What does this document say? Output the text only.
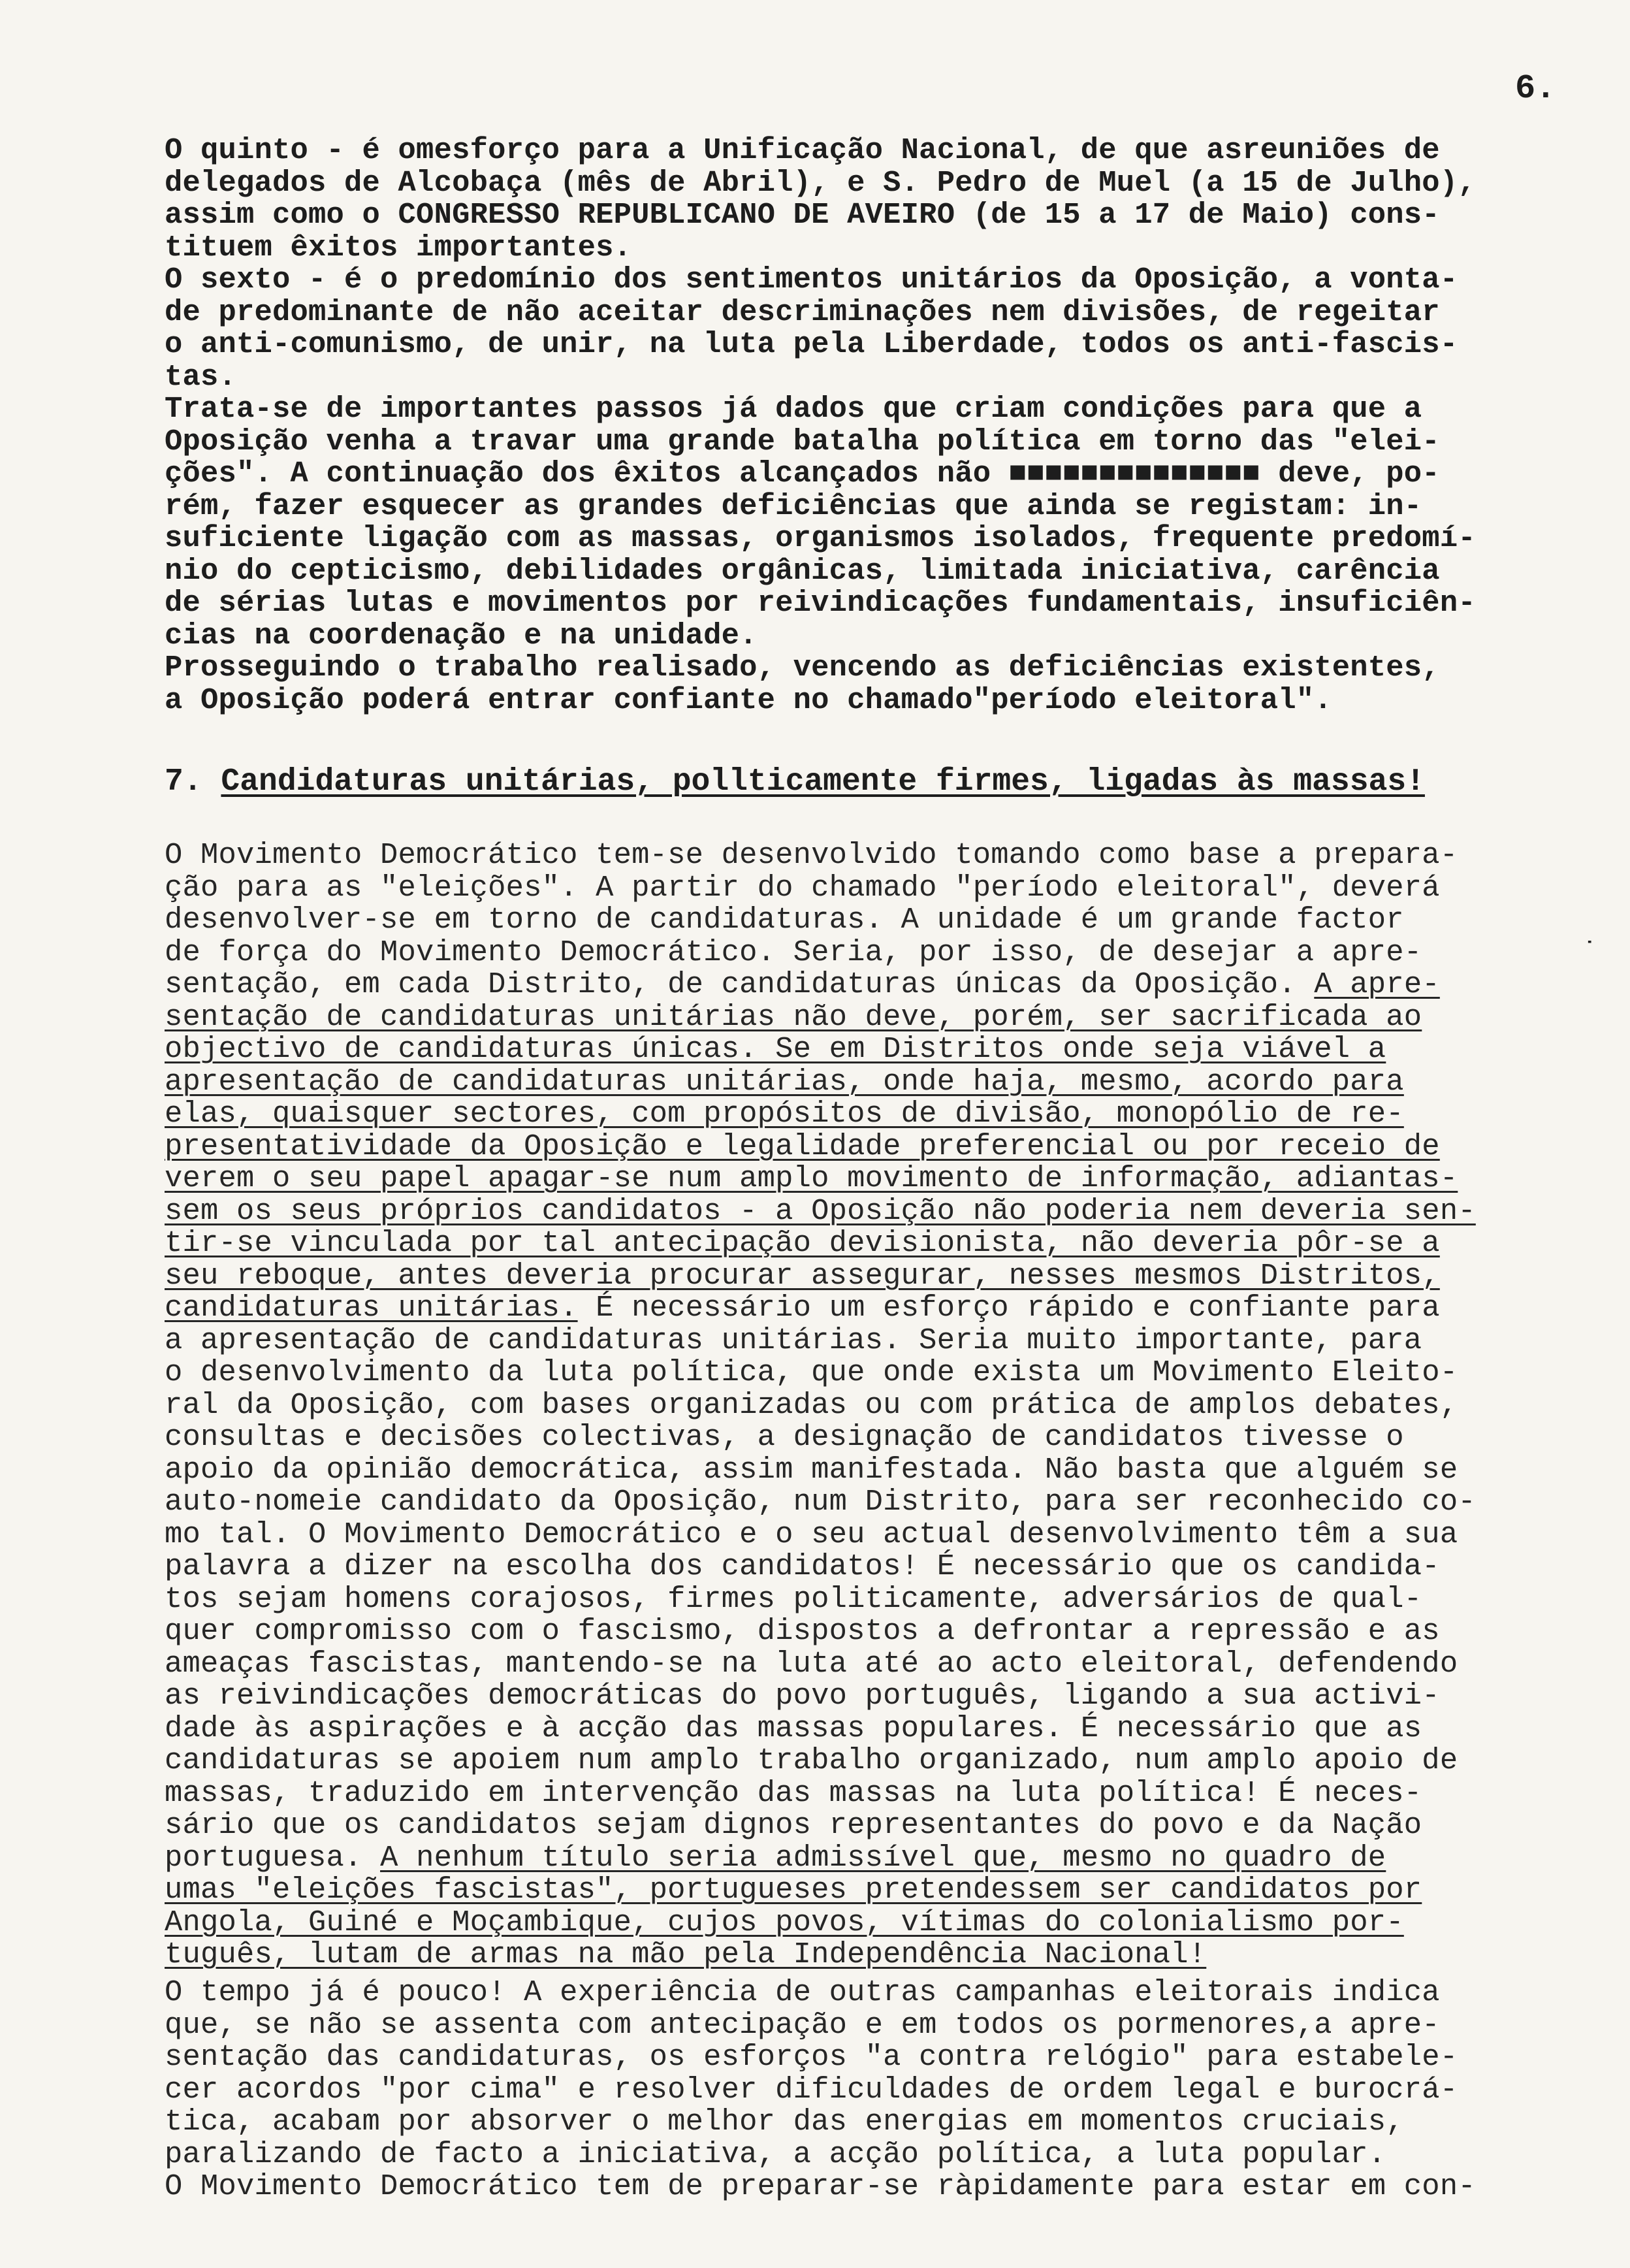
6.

O quinto - é omesforço para a Unificação Nacional, de que asreuniões de

delegados de Alcobaça (mês de Abril), e S. Pedro de Muel (a 15 de Julho),

assim como o CONGRESSO REPUBLICANO DE AVEIRO (de 15 a 17 de Maio) cons-

tituem êxitos importantes.

O sexto - é o predomínio dos sentimentos unitários da Oposição, a vonta-

de predominante de não aceitar descriminações nem divisões, de regeitar

o anti-comunismo, de unir, na luta pela Liberdade, todos os anti-fascis-

tas.

Trata-se de importantes passos já dados que criam condições para que a

Oposição venha a travar uma grande batalha política em torno das "elei-

ções". A continuação dos êxitos alcançados não ■■■■■■■■■■■■■■ deve, po-

rém, fazer esquecer as grandes deficiências que ainda se registam: in-

suficiente ligação com as massas, organismos isolados, frequente predomí-

nio do cepticismo, debilidades orgânicas, limitada iniciativa, carência

de sérias lutas e movimentos por reivindicações fundamentais, insuficiên-

cias na coordenação e na unidade.

Prosseguindo o trabalho realisado, vencendo as deficiências existentes,

a Oposição poderá entrar confiante no chamado"período eleitoral".

7. Candidaturas unitárias, pollticamente firmes, ligadas às massas!

O Movimento Democrático tem-se desenvolvido tomando como base a prepara-

ção para as "eleições". A partir do chamado "período eleitoral", deverá

desenvolver-se em torno de candidaturas. A unidade é um grande factor

de força do Movimento Democrático. Seria, por isso, de desejar a apre-

sentação, em cada Distrito, de candidaturas únicas da Oposição. A apre-

sentação de candidaturas unitárias não deve, porém, ser sacrificada ao

objectivo de candidaturas únicas. Se em Distritos onde seja viável a

apresentação de candidaturas unitárias, onde haja, mesmo, acordo para

elas, quaisquer sectores, com propósitos de divisão, monopólio de re-

presentatividade da Oposição e legalidade preferencial ou por receio de

verem o seu papel apagar-se num amplo movimento de informação, adiantas-

sem os seus próprios candidatos - a Oposição não poderia nem deveria sen-

tir-se vinculada por tal antecipação devisionista, não deveria pôr-se a

seu reboque, antes deveria procurar assegurar, nesses mesmos Distritos,

candidaturas unitárias. É necessário um esforço rápido e confiante para

a apresentação de candidaturas unitárias. Seria muito importante, para

o desenvolvimento da luta política, que onde exista um Movimento Eleito-

ral da Oposição, com bases organizadas ou com prática de amplos debates,

consultas e decisões colectivas, a designação de candidatos tivesse o

apoio da opinião democrática, assim manifestada. Não basta que alguém se

auto-nomeie candidato da Oposição, num Distrito, para ser reconhecido co-

mo tal. O Movimento Democrático e o seu actual desenvolvimento têm a sua

palavra a dizer na escolha dos candidatos! É necessário que os candida-

tos sejam homens corajosos, firmes politicamente, adversários de qual-

quer compromisso com o fascismo, dispostos a defrontar a repressão e as

ameaças fascistas, mantendo-se na luta até ao acto eleitoral, defendendo

as reivindicações democráticas do povo português, ligando a sua activi-

dade às aspirações e à acção das massas populares. É necessário que as

candidaturas se apoiem num amplo trabalho organizado, num amplo apoio de

massas, traduzido em intervenção das massas na luta política! É neces-

sário que os candidatos sejam dignos representantes do povo e da Nação

portuguesa. A nenhum título seria admissível que, mesmo no quadro de

umas "eleições fascistas", portugueses pretendessem ser candidatos por

Angola, Guiné e Moçambique, cujos povos, vítimas do colonialismo por-

tuguês, lutam de armas na mão pela Independência Nacional!

O tempo já é pouco! A experiência de outras campanhas eleitorais indica

que, se não se assenta com antecipação e em todos os pormenores,a apre-

sentação das candidaturas, os esforços "a contra relógio" para estabele-

cer acordos "por cima" e resolver dificuldades de ordem legal e burocrá-

tica, acabam por absorver o melhor das energias em momentos cruciais,

paralizando de facto a iniciativa, a acção política, a luta popular.

O Movimento Democrático tem de preparar-se ràpidamente para estar em con-

˙
